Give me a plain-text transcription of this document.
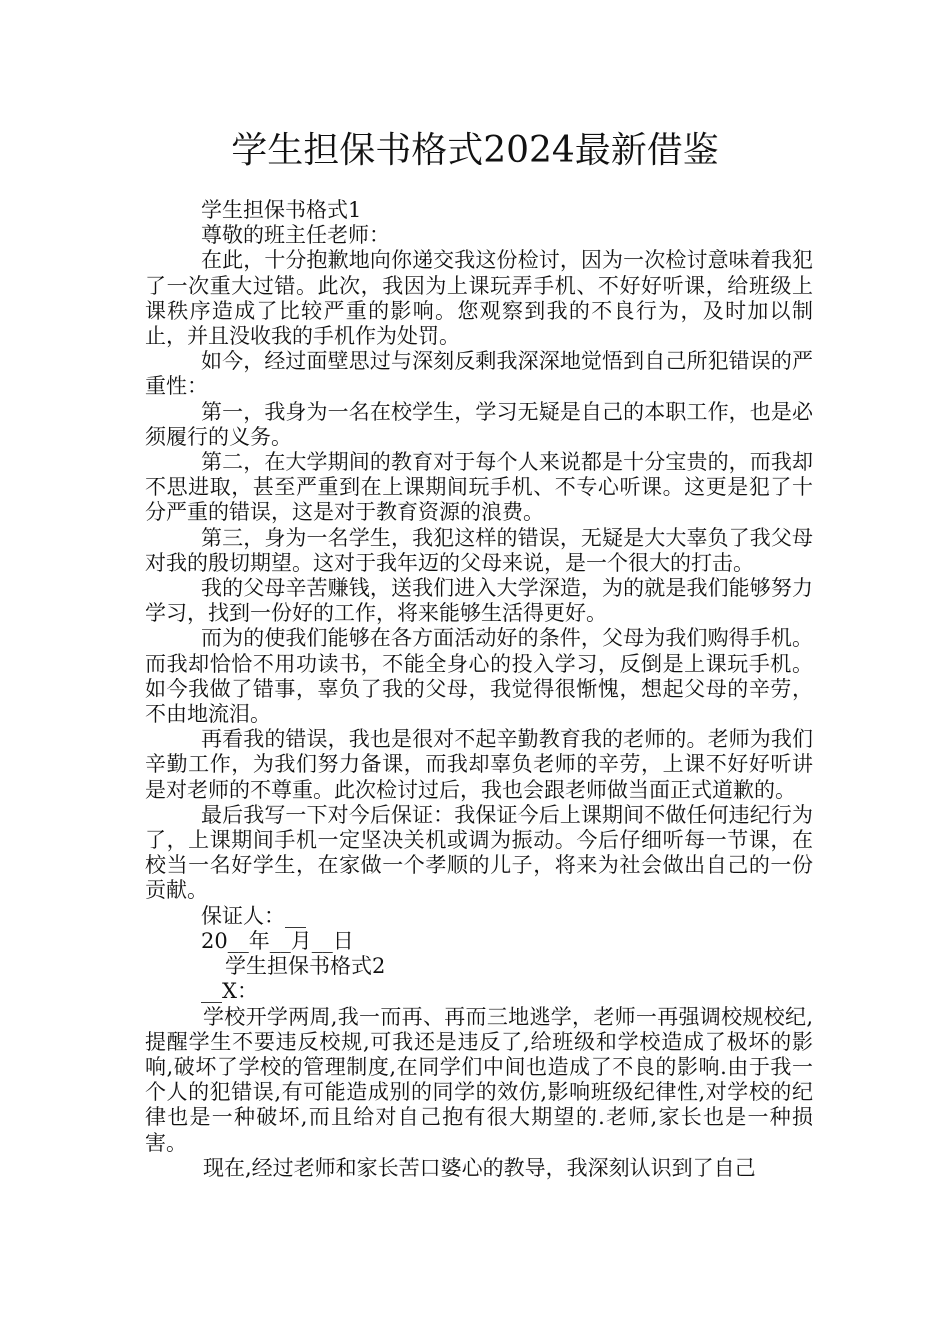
学生担保书格式2024最新借鉴

学生担保书格式1

尊敬的班主任老师：

在此，十分抱歉地向你递交我这份检讨，因为一次检讨意味着我犯了一次重大过错。此次，我因为上课玩弄手机、不好好听课，给班级上课秩序造成了比较严重的影响。您观察到我的不良行为，及时加以制止，并且没收我的手机作为处罚。

如今，经过面壁思过与深刻反剩我深深地觉悟到自己所犯错误的严重性：

第一，我身为一名在校学生，学习无疑是自己的本职工作，也是必须履行的义务。

第二，在大学期间的教育对于每个人来说都是十分宝贵的，而我却不思进取，甚至严重到在上课期间玩手机、不专心听课。这更是犯了十分严重的错误，这是对于教育资源的浪费。

第三，身为一名学生，我犯这样的错误，无疑是大大辜负了我父母对我的殷切期望。这对于我年迈的父母来说，是一个很大的打击。

我的父母辛苦赚钱，送我们进入大学深造，为的就是我们能够努力学习，找到一份好的工作，将来能够生活得更好。

而为的使我们能够在各方面活动好的条件，父母为我们购得手机。而我却恰恰不用功读书，不能全身心的投入学习，反倒是上课玩手机。如今我做了错事，辜负了我的父母，我觉得很惭愧，想起父母的辛劳，不由地流泪。

再看我的错误，我也是很对不起辛勤教育我的老师的。老师为我们辛勤工作，为我们努力备课，而我却辜负老师的辛劳，上课不好好听讲是对老师的不尊重。此次检讨过后，我也会跟老师做当面正式道歉的。

最后我写一下对今后保证：我保证今后上课期间不做任何违纪行为了，上课期间手机一定坚决关机或调为振动。今后仔细听每一节课，在校当一名好学生，在家做一个孝顺的儿子，将来为社会做出自己的一份贡献。

保证人：__

20__年__月__日

学生担保书格式2

__X：

学校开学两周,我一而再、再而三地逃学，老师一再强调校规校纪,提醒学生不要违反校规,可我还是违反了,给班级和学校造成了极坏的影响,破坏了学校的管理制度,在同学们中间也造成了不良的影响.由于我一个人的犯错误,有可能造成别的同学的效仿,影响班级纪律性,对学校的纪律也是一种破坏,而且给对自己抱有很大期望的.老师,家长也是一种损害。

现在,经过老师和家长苦口婆心的教导，我深刻认识到了自己
